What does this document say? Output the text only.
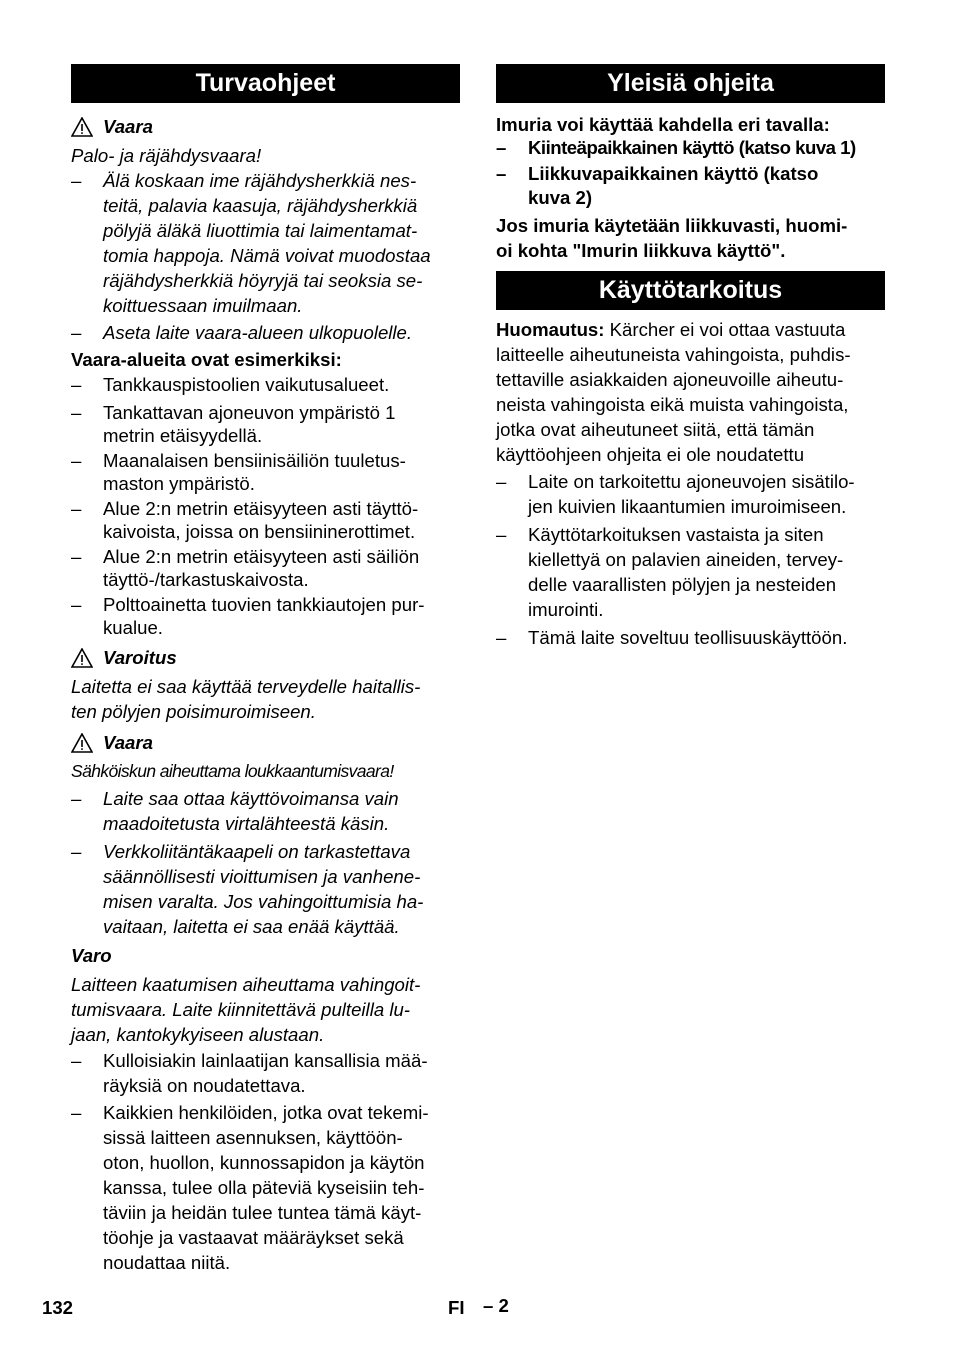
Turvaohjeet
Vaara

Palo- ja räjähdysvaara!

– Älä koskaan ime räjähdysherkkiä nes-
teitä, palavia kaasuja, räjähdysherkkiä
pölyjä äläkä liuottimia tai laimentamat-
tomia happoja. Nämä voivat muodostaa
räjähdysherkkiä höyryjä tai seoksia se-
koittuessaan imuilmaan.
– Aseta laite vaara-alueen ulkopuolelle.

Vaara-alueita ovat esimerkiksi:

– Tankkauspistoolien vaikutusalueet.
– Tankattavan ajoneuvon ympäristö 1
metrin etäisyydellä.
– Maanalaisen bensiinisäiliön tuuletus-
maston ympäristö.
– Alue 2:n metrin etäisyyteen asti täyttö-
kaivoista, joissa on bensiininerottimet.
– Alue 2:n metrin etäisyyteen asti säiliön
täyttö-/tarkastuskaivosta.
– Polttoainetta tuovien tankkiautojen pur-
kualue.
Varoitus

Laitetta ei saa käyttää terveydelle haitallis-
ten pölyjen poisimuroimiseen.

Vaara

Sähköiskun aiheuttama loukkaantumisvaara!

– Laite saa ottaa käyttövoimansa vain
maadoitetusta virtalähteestä käsin.
– Verkkoliitäntäkaapeli on tarkastettava
säännöllisesti vioittumisen ja vanhene-
misen varalta. Jos vahingoittumisia ha-
vaitaan, laitetta ei saa enää käyttää.

Varo

Laitteen kaatumisen aiheuttama vahingoit-
tumisvaara. Laite kiinnitettävä pulteilla lu-
jaan, kantokykyiseen alustaan.

– Kulloisiakin lainlaatijan kansallisia mää-
räyksiä on noudatettava.
– Kaikkien henkilöiden, jotka ovat tekemi-
sissä laitteen asennuksen, käyttöön-
oton, huollon, kunnossapidon ja käytön
kanssa, tulee olla päteviä kyseisiin teh-
täviin ja heidän tulee tuntea tämä käyt-
töohje ja vastaavat määräykset sekä
noudattaa niitä.
Yleisiä ohjeita

Imuria voi käyttää kahdella eri tavalla:

– Kiinteäpaikkainen käyttö (katso kuva 1)
– Liikkuvapaikkainen käyttö (katso
kuva 2)

Jos imuria käytetään liikkuvasti, huomi-
oi kohta "Imurin liikkuva käyttö".

Käyttötarkoitus

Huomautus: Kärcher ei voi ottaa vastuuta
laitteelle aiheutuneista vahingoista, puhdis-
tettaville asiakkaiden ajoneuvoille aiheutu-
neista vahingoista eikä muista vahingoista,
jotka ovat aiheutuneet siitä, että tämän
käyttöohjeen ohjeita ei ole noudatettu

– Laite on tarkoitettu ajoneuvojen sisätilo-
jen kuivien likaantumien imuroimiseen.
– Käyttötarkoituksen vastaista ja siten
kiellettyä on palavien aineiden, tervey-
delle vaarallisten pölyjen ja nesteiden
imurointi.
– Tämä laite soveltuu teollisuuskäyttöön.
132	FI – 2
